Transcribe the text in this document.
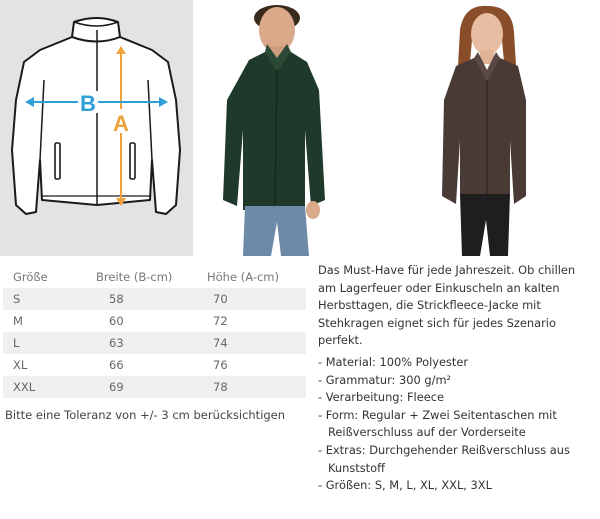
A
B
Größe	Breite (B-cm)	Höhe (A-cm)
S	58	70
M	60	72
L	63	74
XL	66	76
XXL	69	78
Bitte eine Toleranz von +/- 3 cm berücksichtigen

Das Must-Have für jede Jahreszeit. Ob chillen am Lagerfeuer oder Einkuscheln an kalten Herbsttagen, die Strickfleece-Jacke mit Stehkragen eignet sich für jedes Szenario perfekt.

- Material: 100% Polyester
- Grammatur: 300 g/m²
- Verarbeitung: Fleece
- Form: Regular + Zwei Seitentaschen mit Reißverschluss auf der Vorderseite
- Extras: Durchgehender Reißverschluss aus Kunststoff
- Größen: S, M, L, XL, XXL, 3XL
